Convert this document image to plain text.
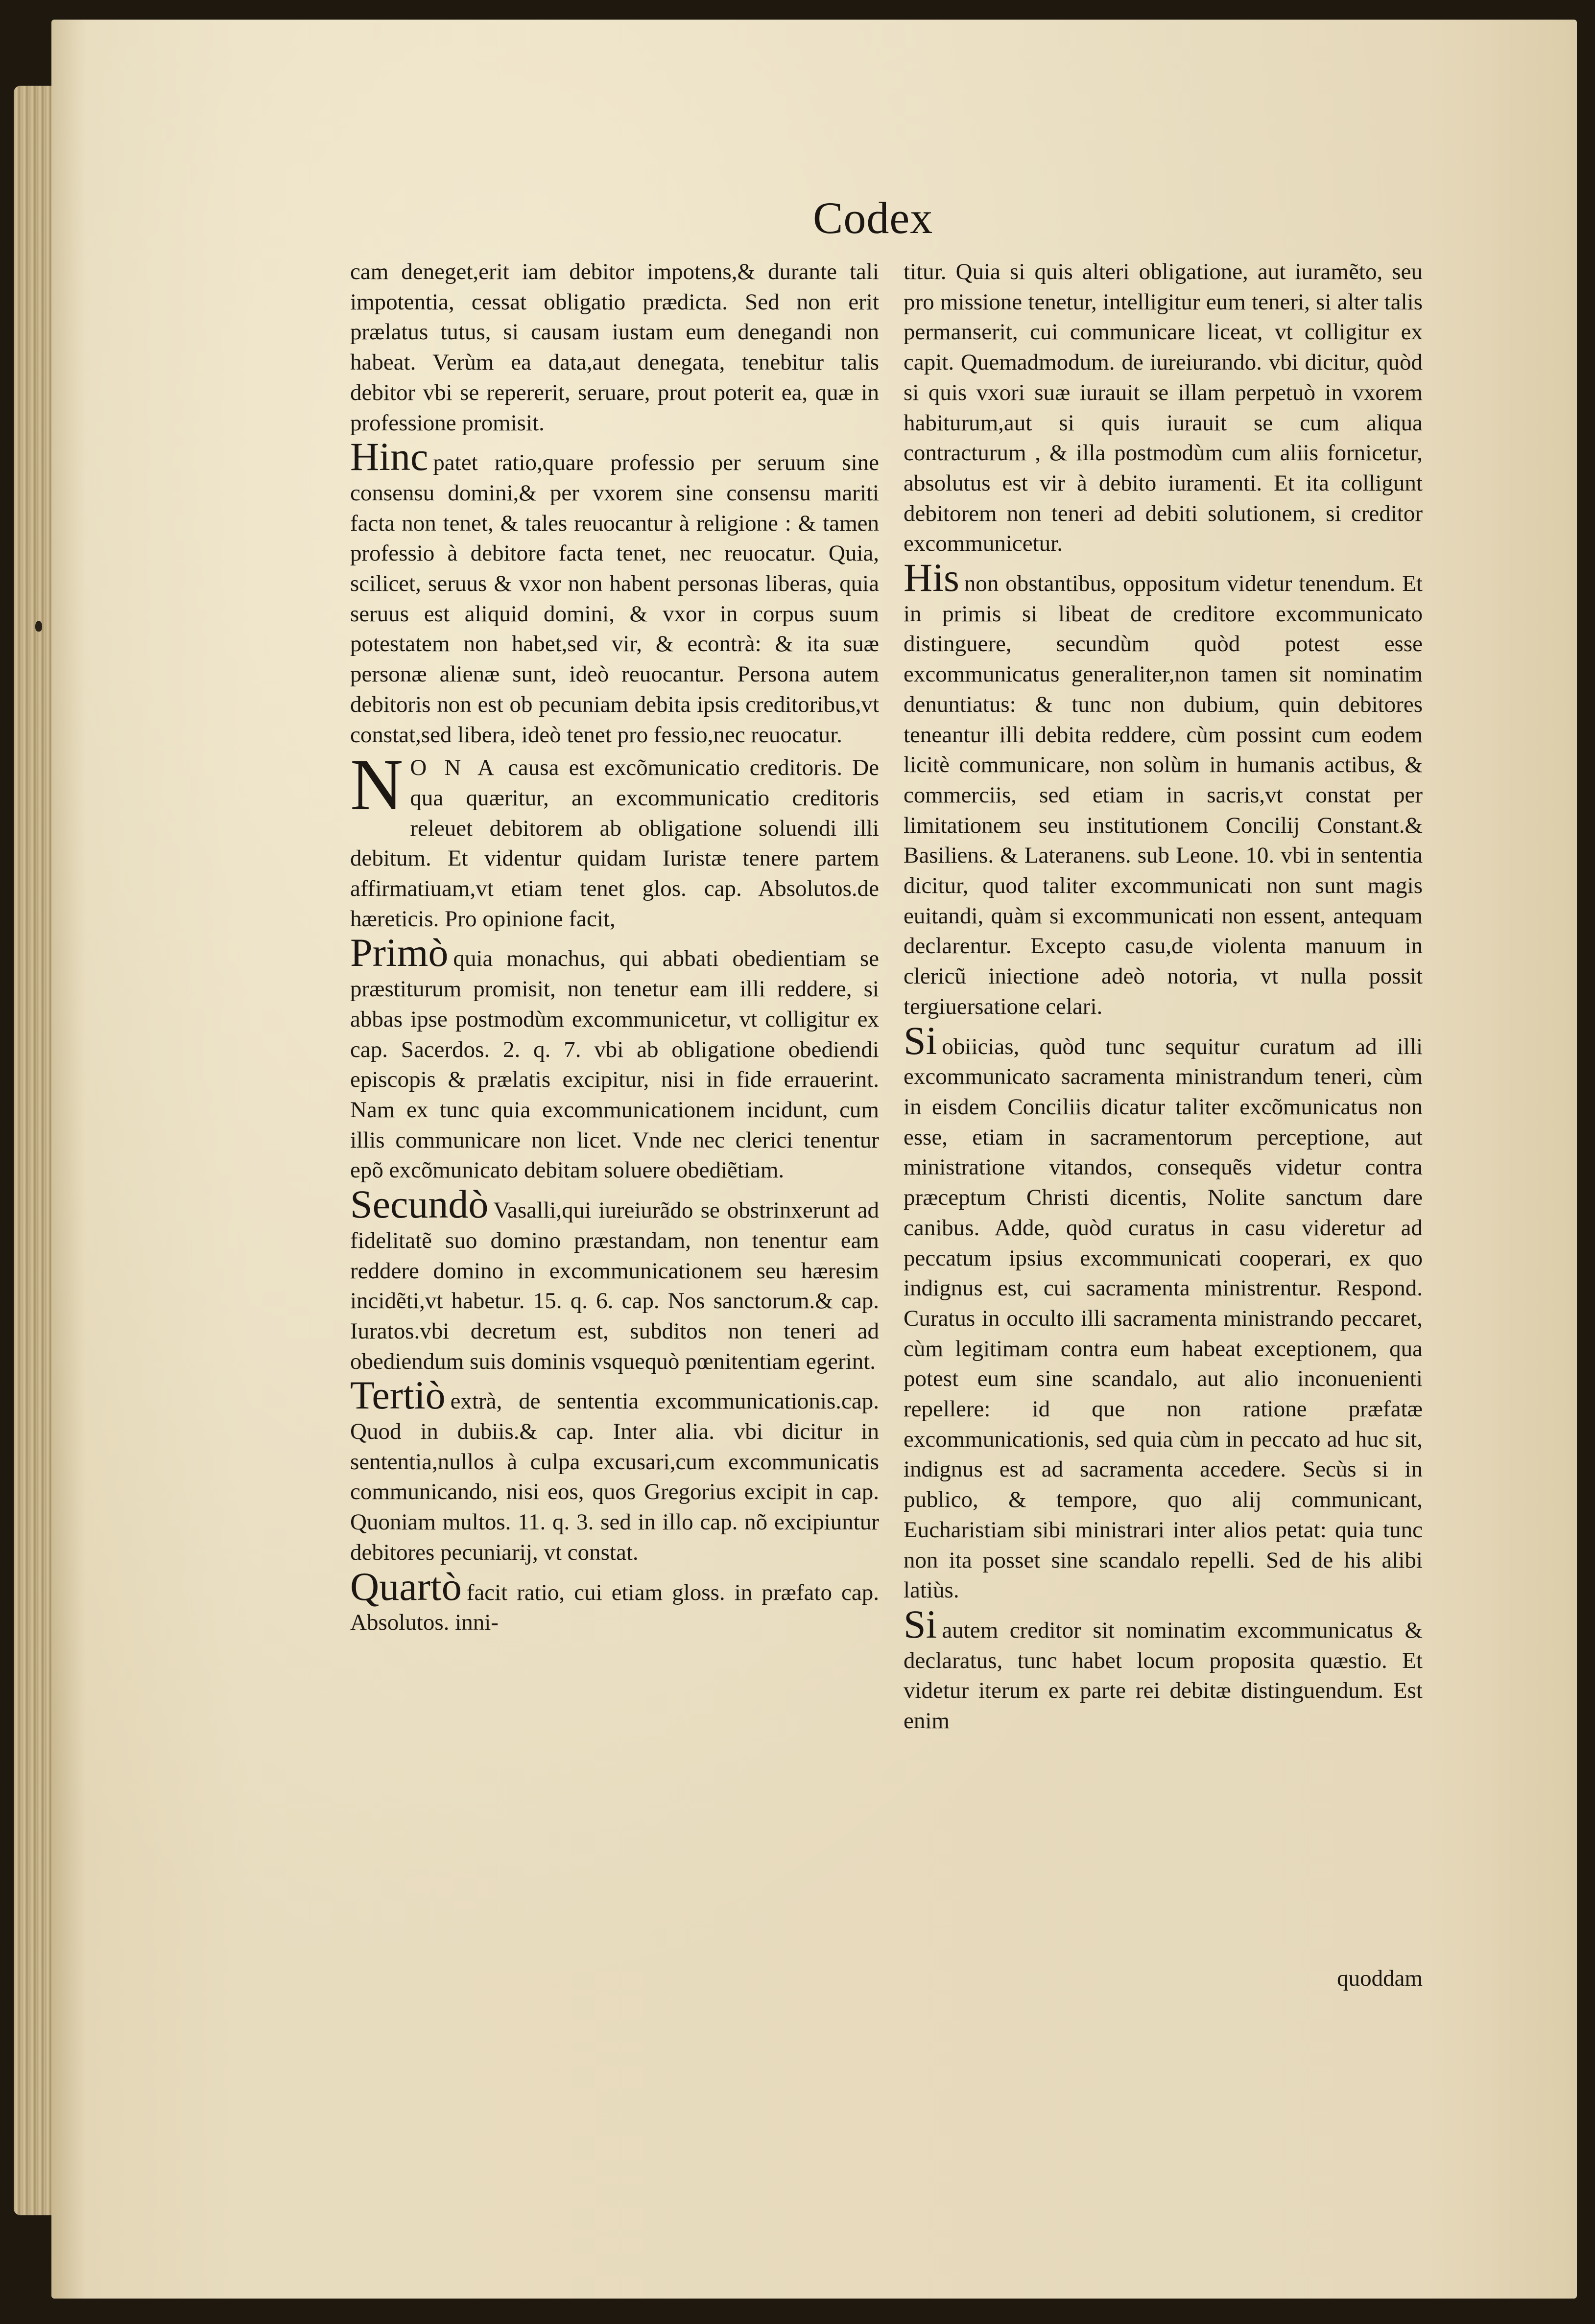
Codex

cam deneget,erit iam debitor impotens,& durante tali impotentia, cessat obligatio prædicta. Sed non erit prælatus tutus, si causam iustam eum denegandi non habeat. Verùm ea data,aut denegata, tenebitur talis debitor vbi se repererit, seruare, prout poterit ea, quæ in professione promisit.

Hinc patet ratio,quare professio per seruum sine consensu domini,& per vxorem sine consensu mariti facta non tenet, & tales reuocantur à religione : & tamen professio à debitore facta tenet, nec reuocatur. Quia, scilicet, seruus & vxor non habent personas liberas, quia seruus est aliquid domini, & vxor in corpus suum potestatem non habet,sed vir, & econtrà: & ita suæ personæ alienæ sunt, ideò reuocantur. Persona autem debitoris non est ob pecuniam debita ipsis creditoribus,vt constat,sed libera, ideò tenet pro fessio,nec reuocatur.

N O N A causa est excõmunicatio creditoris. De qua quæritur, an excommunicatio creditoris releuet debitorem ab obligatione soluendi illi debitum. Et videntur quidam Iuristæ tenere partem affirmatiuam,vt etiam tenet glos. cap. Absolutos.de hæreticis. Pro opinione facit,

Primò quia monachus, qui abbati obedientiam se præstiturum promisit, non tenetur eam illi reddere, si abbas ipse postmodùm excommunicetur, vt colligitur ex cap. Sacerdos. 2. q. 7. vbi ab obligatione obediendi episcopis & prælatis excipitur, nisi in fide errauerint. Nam ex tunc quia excommunicationem incidunt, cum illis communicare non licet. Vnde nec clerici tenentur epõ excõmunicato debitam soluere obediẽtiam.

Secundò Vasalli,qui iureiurãdo se obstrinxerunt ad fidelitatẽ suo domino præstandam, non tenentur eam reddere domino in excommunicationem seu hæresim incidẽti,vt habetur. 15. q. 6. cap. Nos sanctorum.& cap. Iuratos.vbi decretum est, subditos non teneri ad obediendum suis dominis vsquequò pœnitentiam egerint.

Tertiò extrà, de sententia excommunicationis.cap. Quod in dubiis.& cap. Inter alia. vbi dicitur in sententia,nullos à culpa excusari,cum excommunicatis communicando, nisi eos, quos Gregorius excipit in cap. Quoniam multos. 11. q. 3. sed in illo cap. nõ excipiuntur debitores pecuniarij, vt constat.

Quartò facit ratio, cui etiam gloss. in præfato cap. Absolutos. inni-

titur. Quia si quis alteri obligatione, aut iuramẽto, seu pro missione tenetur, intelligitur eum teneri, si alter talis permanserit, cui communicare liceat, vt colligitur ex capit. Quemadmodum. de iureiurando. vbi dicitur, quòd si quis vxori suæ iurauit se illam perpetuò in vxorem habiturum,aut si quis iurauit se cum aliqua contracturum , & illa postmodùm cum aliis fornicetur, absolutus est vir à debito iuramenti. Et ita colligunt debitorem non teneri ad debiti solutionem, si creditor excommunicetur.

His non obstantibus, oppositum videtur tenendum. Et in primis si libeat de creditore excommunicato distinguere, secundùm quòd potest esse excommunicatus generaliter,non tamen sit nominatim denuntiatus: & tunc non dubium, quin debitores teneantur illi debita reddere, cùm possint cum eodem licitè communicare, non solùm in humanis actibus, & commerciis, sed etiam in sacris,vt constat per limitationem seu institutionem Concilij Constant.& Basiliens. & Lateranens. sub Leone. 10. vbi in sententia dicitur, quod taliter excommunicati non sunt magis euitandi, quàm si excommunicati non essent, antequam declarentur. Excepto casu,de violenta manuum in clericũ iniectione adeò notoria, vt nulla possit tergiuersatione celari.

Si obiicias, quòd tunc sequitur curatum ad illi excommunicato sacramenta ministrandum teneri, cùm in eisdem Conciliis dicatur taliter excõmunicatus non esse, etiam in sacramentorum perceptione, aut ministratione vitandos, consequẽs videtur contra præceptum Christi dicentis, Nolite sanctum dare canibus. Adde, quòd curatus in casu videretur ad peccatum ipsius excommunicati cooperari, ex quo indignus est, cui sacramenta ministrentur. Respond. Curatus in occulto illi sacramenta ministrando peccaret, cùm legitimam contra eum habeat exceptionem, qua potest eum sine scandalo, aut alio inconuenienti repellere: id que non ratione præfatæ excommunicationis, sed quia cùm in peccato ad huc sit, indignus est ad sacramenta accedere. Secùs si in publico, & tempore, quo alij communicant, Eucharistiam sibi ministrari inter alios petat: quia tunc non ita posset sine scandalo repelli. Sed de his alibi latiùs.

Si autem creditor sit nominatim excommunicatus & declaratus, tunc habet locum proposita quæstio. Et videtur iterum ex parte rei debitæ distinguendum. Est enim

quoddam
